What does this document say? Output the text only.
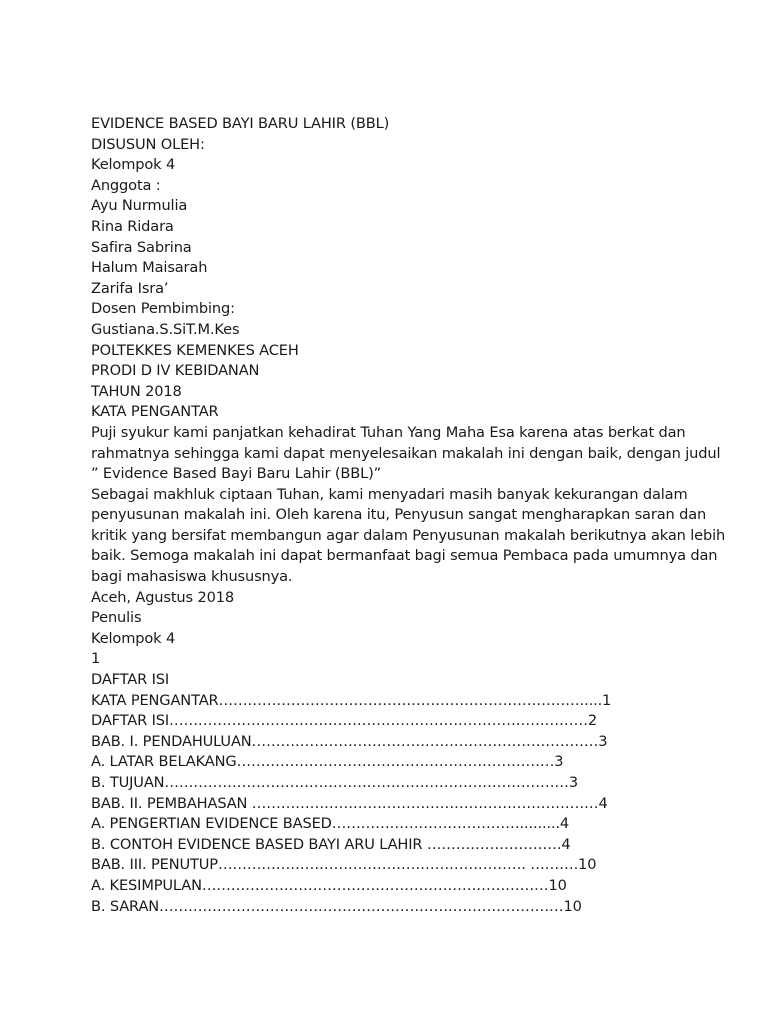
EVIDENCE BASED BAYI BARU LAHIR (BBL)
DISUSUN OLEH:
Kelompok 4
Anggota :
Ayu Nurmulia
Rina Ridara
Safira Sabrina
Halum Maisarah
Zarifa Isra’
Dosen Pembimbing:
Gustiana.S.SiT.M.Kes
POLTEKKES KEMENKES ACEH
PRODI D IV KEBIDANAN
TAHUN 2018
KATA PENGANTAR
Puji syukur kami panjatkan kehadirat Tuhan Yang Maha Esa karena atas berkat dan
rahmatnya sehingga kami dapat menyelesaikan makalah ini dengan baik, dengan judul
” Evidence Based Bayi Baru Lahir (BBL)”
Sebagai makhluk ciptaan Tuhan, kami menyadari masih banyak kekurangan dalam
penyusunan makalah ini. Oleh karena itu, Penyusun sangat mengharapkan saran dan
kritik yang bersifat membangun agar dalam Penyusunan makalah berikutnya akan lebih
baik. Semoga makalah ini dapat bermanfaat bagi semua Pembaca pada umumnya dan
bagi mahasiswa khususnya.
Aceh, Agustus 2018
Penulis
Kelompok 4
1
DAFTAR ISI
KATA PENGANTAR………………………………………………………………….....1
DAFTAR ISI……………………………………………………………………………2
BAB. I. PENDAHULUAN………………………………………………………………3
A. LATAR BELAKANG…………………………………………………………3
B. TUJUAN…………………………………………………………………………3
BAB. II. PEMBAHASAN ………………………………………………………………4
A. PENGERTIAN EVIDENCE BASED………………………………….........4
B. CONTOH EVIDENCE BASED BAYI ARU LAHIR ……………………….4
BAB. III. PENUTUP………………………………………………………. ……….10
A. KESIMPULAN………………………………………………………………10
B. SARAN…………………………………………………………………………10
